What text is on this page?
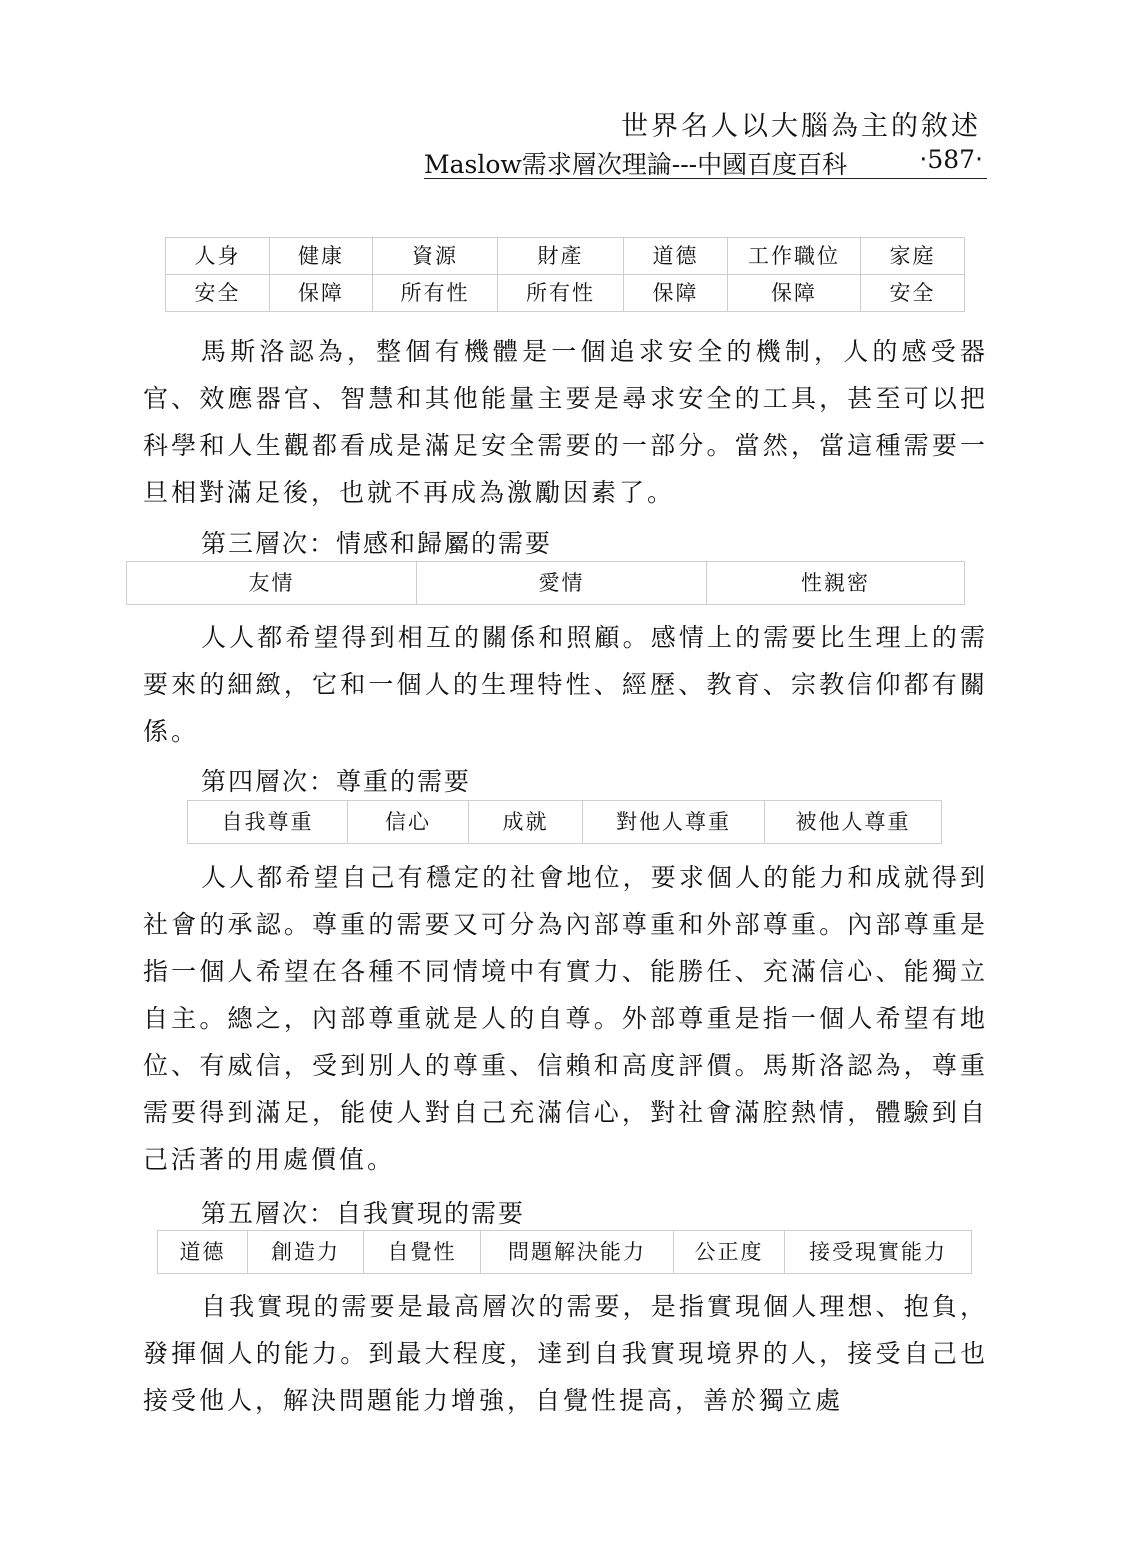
世界名人以大腦為主的敘述
Maslow需求層次理論---中國百度百科	‧587‧
人身	健康	資源	財產	道德	工作職位	家庭
安全	保障	所有性	所有性	保障	保障	安全

馬斯洛認為，整個有機體是一個追求安全的機制，人的感受器官、效應器官、智慧和其他能量主要是尋求安全的工具，甚至可以把科學和人生觀都看成是滿足安全需要的一部分。當然，當這種需要一旦相對滿足後，也就不再成為激勵因素了。

第三層次：情感和歸屬的需要

友情	愛情	性親密

人人都希望得到相互的關係和照顧。感情上的需要比生理上的需要來的細緻，它和一個人的生理特性、經歷、教育、宗教信仰都有關係。

第四層次：尊重的需要

自我尊重	信心	成就	對他人尊重	被他人尊重

人人都希望自己有穩定的社會地位，要求個人的能力和成就得到社會的承認。尊重的需要又可分為內部尊重和外部尊重。內部尊重是指一個人希望在各種不同情境中有實力、能勝任、充滿信心、能獨立自主。總之，內部尊重就是人的自尊。外部尊重是指一個人希望有地位、有威信，受到別人的尊重、信賴和高度評價。馬斯洛認為，尊重需要得到滿足，能使人對自己充滿信心，對社會滿腔熱情，體驗到自己活著的用處價值。

第五層次：自我實現的需要

道德	創造力	自覺性	問題解決能力	公正度	接受現實能力

自我實現的需要是最高層次的需要，是指實現個人理想、抱負，發揮個人的能力。到最大程度，達到自我實現境界的人，接受自己也接受他人，解決問題能力增強，自覺性提高，善於獨立處
